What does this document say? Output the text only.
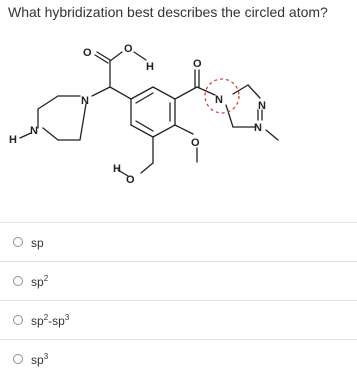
What hybridization best describes the circled atom?
O	O
H
N
N
H
O
N	N
N
O
H
O
sp
$sp^2$
$sp^2-sp^3$
$sp^3$
